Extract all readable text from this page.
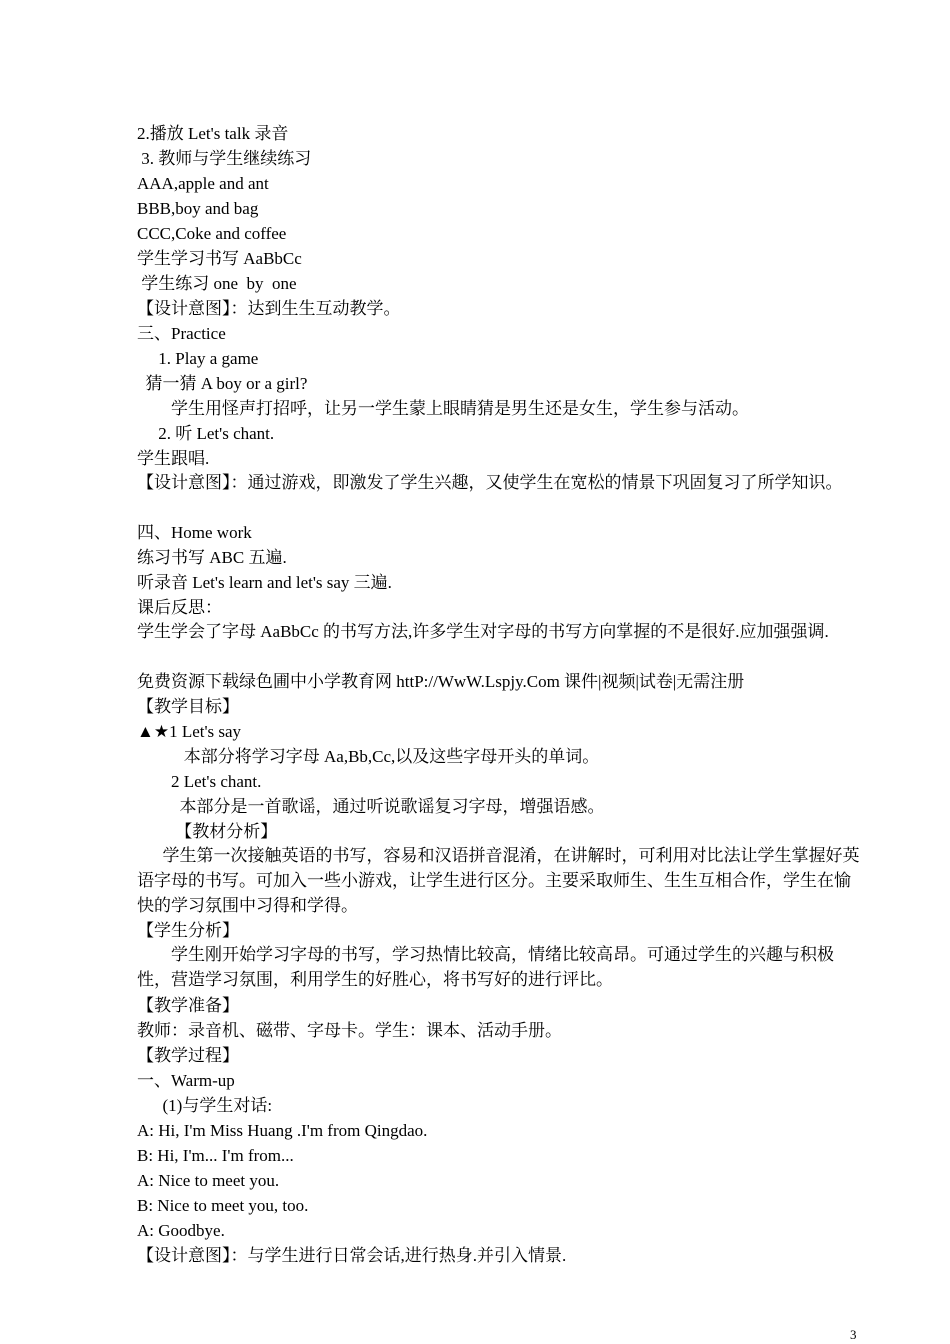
2.播放 Let's talk 录音
3. 教师与学生继续练习
AAA,apple and ant
BBB,boy and bag
CCC,Coke and coffee
学生学习书写 AaBbCc
学生练习 one  by  one
【设计意图】：达到生生互动教学。
三、Practice
1. Play a game
猜一猜 A boy or a girl?
学生用怪声打招呼，让另一学生蒙上眼睛猜是男生还是女生，学生参与活动。
2. 听 Let's chant.
学生跟唱.
【设计意图】：通过游戏，即激发了学生兴趣，又使学生在宽松的情景下巩固复习了所学知识。
四、Home work
练习书写 ABC 五遍.
听录音 Let's learn and let's say 三遍.
课后反思：
学生学会了字母 AaBbCc 的书写方法,许多学生对字母的书写方向掌握的不是很好.应加强强调.
免费资源下载绿色圃中小学教育网 httP://WwW.Lspjy.Com 课件|视频|试卷|无需注册
【教学目标】
▲★1 Let's say
本部分将学习字母 Aa,Bb,Cc,以及这些字母开头的单词。
2 Let's chant.
本部分是一首歌谣，通过听说歌谣复习字母，增强语感。
【教材分析】
学生第一次接触英语的书写，容易和汉语拼音混淆，在讲解时，可利用对比法让学生掌握好英语字母的书写。可加入一些小游戏，让学生进行区分。主要采取师生、生生互相合作，学生在愉快的学习氛围中习得和学得。
【学生分析】
学生刚开始学习字母的书写，学习热情比较高，情绪比较高昂。可通过学生的兴趣与积极性，营造学习氛围，利用学生的好胜心，将书写好的进行评比。
【教学准备】
教师：录音机、磁带、字母卡。学生：课本、活动手册。
【教学过程】
一、Warm-up
(1)与学生对话:
A: Hi, I'm Miss Huang .I'm from Qingdao.
B: Hi, I'm... I'm from...
A: Nice to meet you.
B: Nice to meet you, too.
A: Goodbye.
【设计意图】：与学生进行日常会话,进行热身.并引入情景.
3
